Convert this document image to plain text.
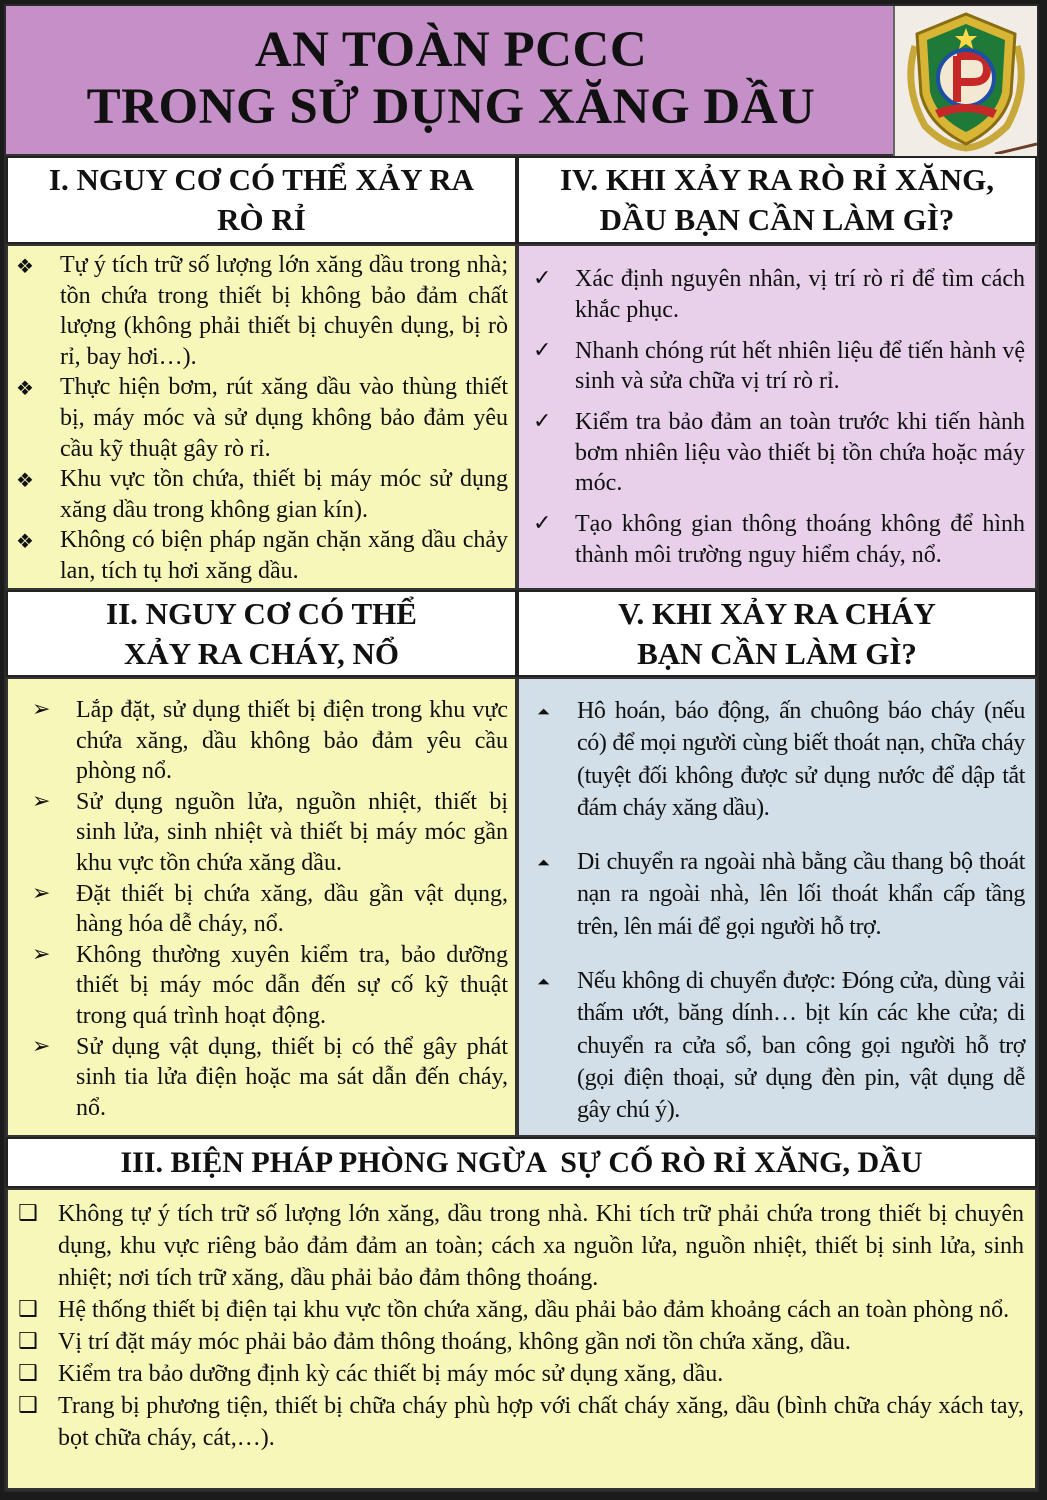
AN TOÀN PCCC
TRONG SỬ DỤNG XĂNG DẦU
I. NGUY CƠ CÓ THỂ XẢY RA
RÒ RỈ
IV. KHI XẢY RA RÒ RỈ XĂNG,
DẦU BẠN CẦN LÀM GÌ?
❖ Tự ý tích trữ số lượng lớn xăng dầu trong nhà; tồn chứa trong thiết bị không bảo đảm chất lượng (không phải thiết bị chuyên dụng, bị rò rỉ, bay hơi…).
❖ Thực hiện bơm, rút xăng dầu vào thùng thiết bị, máy móc và sử dụng không bảo đảm yêu cầu kỹ thuật gây rò rỉ.
❖ Khu vực tồn chứa, thiết bị máy móc sử dụng xăng dầu trong không gian kín).
❖ Không có biện pháp ngăn chặn xăng dầu chảy lan, tích tụ hơi xăng dầu.
✓ Xác định nguyên nhân, vị trí rò rỉ để tìm cách khắc phục.
✓ Nhanh chóng rút hết nhiên liệu để tiến hành vệ sinh và sửa chữa vị trí rò rỉ.
✓ Kiểm tra bảo đảm an toàn trước khi tiến hành bơm nhiên liệu vào thiết bị tồn chứa hoặc máy móc.
✓ Tạo không gian thông thoáng không để hình thành môi trường nguy hiểm cháy, nổ.
II. NGUY CƠ CÓ THỂ
XẢY RA CHÁY, NỔ
V. KHI XẢY RA CHÁY
BẠN CẦN LÀM GÌ?
➢ Lắp đặt, sử dụng thiết bị điện trong khu vực chứa xăng, dầu không bảo đảm yêu cầu phòng nổ.
➢ Sử dụng nguồn lửa, nguồn nhiệt, thiết bị sinh lửa, sinh nhiệt và thiết bị máy móc gần khu vực tồn chứa xăng dầu.
➢ Đặt thiết bị chứa xăng, dầu gần vật dụng, hàng hóa dễ cháy, nổ.
➢ Không thường xuyên kiểm tra, bảo dưỡng thiết bị máy móc dẫn đến sự cố kỹ thuật trong quá trình hoạt động.
➢ Sử dụng vật dụng, thiết bị có thể gây phát sinh tia lửa điện hoặc ma sát dẫn đến cháy, nổ.
⏶ Hô hoán, báo động, ấn chuông báo cháy (nếu có) để mọi người cùng biết thoát nạn, chữa cháy (tuyệt đối không được sử dụng nước để dập tắt đám cháy xăng dầu).
⏶ Di chuyển ra ngoài nhà bằng cầu thang bộ thoát nạn ra ngoài nhà, lên lối thoát khẩn cấp tầng trên, lên mái để gọi người hỗ trợ.
⏶ Nếu không di chuyển được: Đóng cửa, dùng vải thấm ướt, băng dính… bịt kín các khe cửa; di chuyển ra cửa sổ, ban công gọi người hỗ trợ (gọi điện thoại, sử dụng đèn pin, vật dụng dễ gây chú ý).
III. BIỆN PHÁP PHÒNG NGỪA  SỰ CỐ RÒ RỈ XĂNG, DẦU
❑ Không tự ý tích trữ số lượng lớn xăng, dầu trong nhà. Khi tích trữ phải chứa trong thiết bị chuyên dụng, khu vực riêng bảo đảm đảm an toàn; cách xa nguồn lửa, nguồn nhiệt, thiết bị sinh lửa, sinh nhiệt; nơi tích trữ xăng, dầu phải bảo đảm thông thoáng.
❑ Hệ thống thiết bị điện tại khu vực tồn chứa xăng, dầu phải bảo đảm khoảng cách an toàn phòng nổ.
❑ Vị trí đặt máy móc phải bảo đảm thông thoáng, không gần nơi tồn chứa xăng, dầu.
❑ Kiểm tra bảo dưỡng định kỳ các thiết bị máy móc sử dụng xăng, dầu.
❑ Trang bị phương tiện, thiết bị chữa cháy phù hợp với chất cháy xăng, dầu (bình chữa cháy xách tay, bọt chữa cháy, cát,…).
